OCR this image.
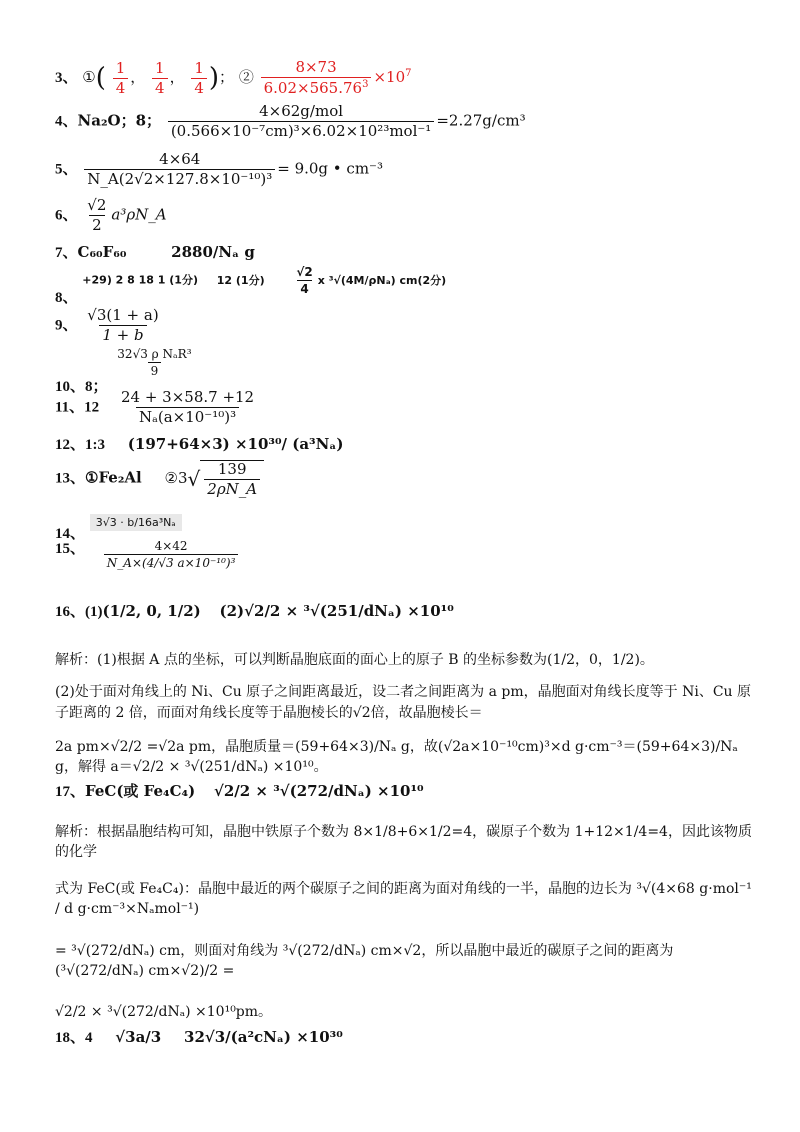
3、 ①( $\frac{1}{4}$ ， $\frac{1}{4}$ ， $\frac{1}{4}$ )； ② $\frac{8\times 73}{6.02\times 565.76^3} \times 10^7$
4、Na₂O；8； $\frac{\text{4×62g/mol}}{\text{(0.566×10⁻⁷cm)³×6.02×10²³mol⁻¹}} =2.27g/cm^3$
5、 $\frac{4\times 64}{\text{N\_A(2√2×127.8×10⁻¹⁰)³}} = 9.0g$ • cm⁻³
6、 $\frac{√2}{2}$ a³ρN_A
7、C₆₀F₆₀	2880/Nₐ g
8、 +29) 2 8 18 1 (1分) 12 (1分) $\frac{√2}{4}$ x ³√(4M/ρNₐ) cm(2分)
9、 $\frac{√3(1 + a)}{1 + b}$
10、8；
$\frac{\text{32√3 ρ NₐR³}}{9}$
11、$12 \frac{24 + 3\times 58.7 +12}{\text{Nₐ(a×10⁻¹⁰)³}}$
12、1:3 (197+64×3) ×10³⁰/ (a³Nₐ)
13、①Fe₂Al ②3 √ $\frac{139}{2\rho N\_A}$
14、 3√3 · b/16a³Nₐ
15、 $\frac{4\times 42}{\text{N\_A×(4/√3 a×10⁻¹⁰)³}}$
16、(1)(1/2, 0, 1/2) (2)√2/2 × ³√(251/dNₐ) ×10¹⁰
解析：(1)根据 A 点的坐标，可以判断晶胞底面的面心上的原子 B 的坐标参数为(1/2，0，1/2)。
(2)处于面对角线上的 Ni、Cu 原子之间距离最近，设二者之间距离为 a pm，晶胞面对角线长度等于 Ni、Cu 原子距离的 2 倍，而面对角线长度等于晶胞棱长的√2倍，故晶胞棱长＝
2a pm×√2/2 =√2a pm，晶胞质量＝(59+64×3)/Nₐ g，故(√2a×10⁻¹⁰cm)³×d g·cm⁻³＝(59+64×3)/Nₐ g，解得 a＝√2/2 × ³√(251/dNₐ) ×10¹⁰。
17、FeC(或 Fe₄C₄) √2/2 × ³√(272/dNₐ) ×10¹⁰
解析：根据晶胞结构可知，晶胞中铁原子个数为 8×1/8+6×1/2=4，碳原子个数为 1+12×1/4=4，因此该物质的化学
式为 FeC(或 Fe₄C₄)：晶胞中最近的两个碳原子之间的距离为面对角线的一半，晶胞的边长为 ³√(4×68 g·mol⁻¹ / d g·cm⁻³×Nₐmol⁻¹)
= ³√(272/dNₐ) cm，则面对角线为 ³√(272/dNₐ) cm×√2，所以晶胞中最近的碳原子之间的距离为 (³√(272/dNₐ) cm×√2)/2 =
√2/2 × ³√(272/dNₐ) ×10¹⁰pm。
18、4 √3a/3 32√3/(a²cNₐ) ×10³⁰
